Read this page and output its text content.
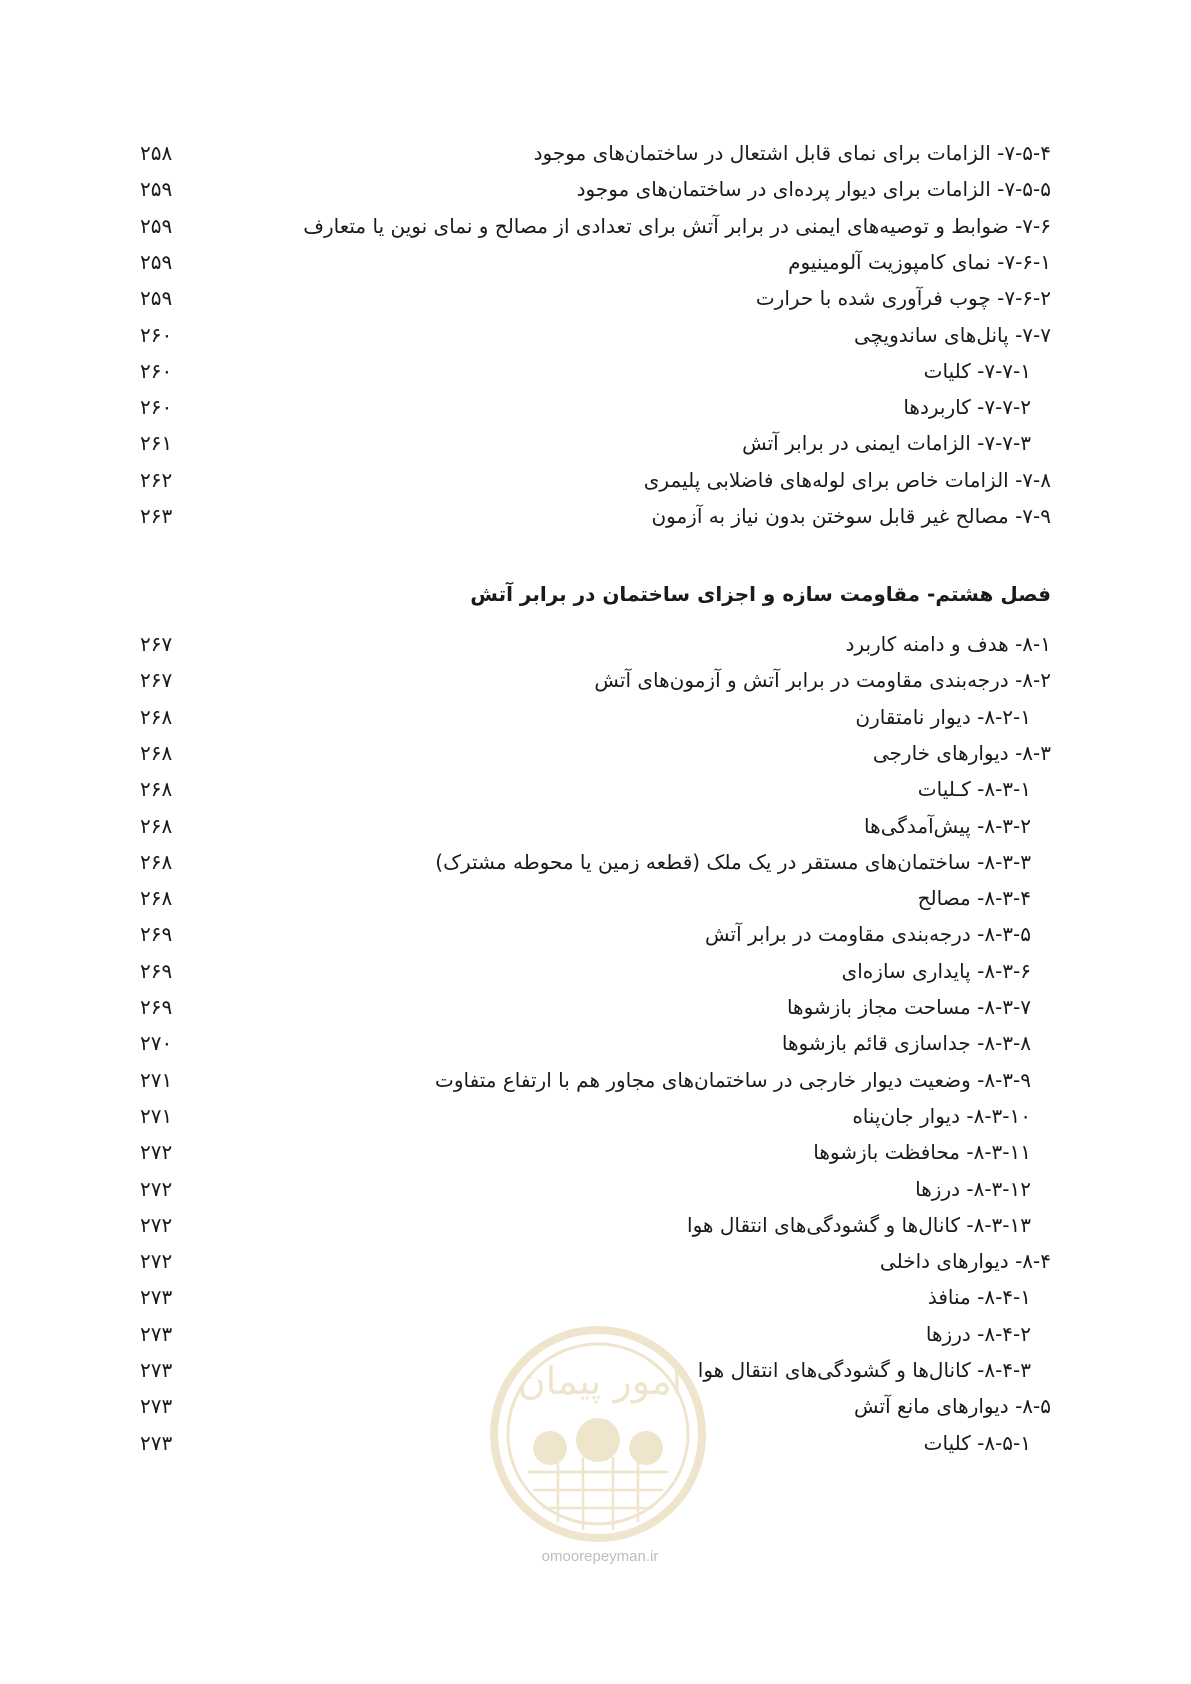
۷-۵-۴- الزامات برای نمای قابل اشتعال در ساختمان‌های موجود
۲۵۸
۷-۵-۵- الزامات برای دیوار پرده‌ای در ساختمان‌های موجود
۲۵۹
۷-۶- ضوابط و توصیه‌های ایمنی در برابر آتش برای تعدادی از مصالح و نمای نوین یا متعارف
۲۵۹
۷-۶-۱- نمای کامپوزیت آلومینیوم
۲۵۹
۷-۶-۲- چوب فرآوری شده با حرارت
۲۵۹
۷-۷- پانل‌های ساندویچی
۲۶۰
۷-۷-۱- کلیات
۲۶۰
۷-۷-۲- کاربردها
۲۶۰
۷-۷-۳- الزامات ایمنی در برابر آتش
۲۶۱
۷-۸- الزامات خاص برای لوله‌های فاضلابی پلیمری
۲۶۲
۷-۹- مصالح غیر قابل سوختن بدون نیاز به آزمون
۲۶۳
فصل هشتم- مقاومت سازه و اجزای ساختمان در برابر آتش
۸-۱- هدف و دامنه کاربرد
۲۶۷
۸-۲- درجه‌بندی مقاومت در برابر آتش و آزمون‌های آتش
۲۶۷
۸-۲-۱- دیوار نامتقارن
۲۶۸
۸-۳- دیوارهای خارجی
۲۶۸
۸-۳-۱- کـلیات
۲۶۸
۸-۳-۲- پیش‌آمدگی‌ها
۲۶۸
۸-۳-۳- ساختمان‌های مستقر در یک ملک (قطعه زمین یا محوطه مشترک)
۲۶۸
۸-۳-۴- مصالح
۲۶۸
۸-۳-۵- درجه‌بندی مقاومت در برابر آتش
۲۶۹
۸-۳-۶- پایداری سازه‌ای
۲۶۹
۸-۳-۷- مساحت مجاز بازشوها
۲۶۹
۸-۳-۸- جداسازی قائم بازشوها
۲۷۰
۸-۳-۹- وضعیت دیوار خارجی در ساختمان‌های مجاور هم با ارتفاع متفاوت
۲۷۱
۸-۳-۱۰- دیوار جان‌پناه
۲۷۱
۸-۳-۱۱- محافظت بازشوها
۲۷۲
۸-۳-۱۲- درزها
۲۷۲
۸-۳-۱۳- کانال‌ها و گشودگی‌های انتقال هوا
۲۷۲
۸-۴- دیوارهای داخلی
۲۷۲
۸-۴-۱- منافذ
۲۷۳
۸-۴-۲- درزها
۲۷۳
۸-۴-۳- کانال‌ها و گشودگی‌های انتقال هوا
۲۷۳
۸-۵- دیوارهای مانع آتش
۲۷۳
۸-۵-۱- کلیات
۲۷۳
امور پیمان
omoorepeyman.ir
